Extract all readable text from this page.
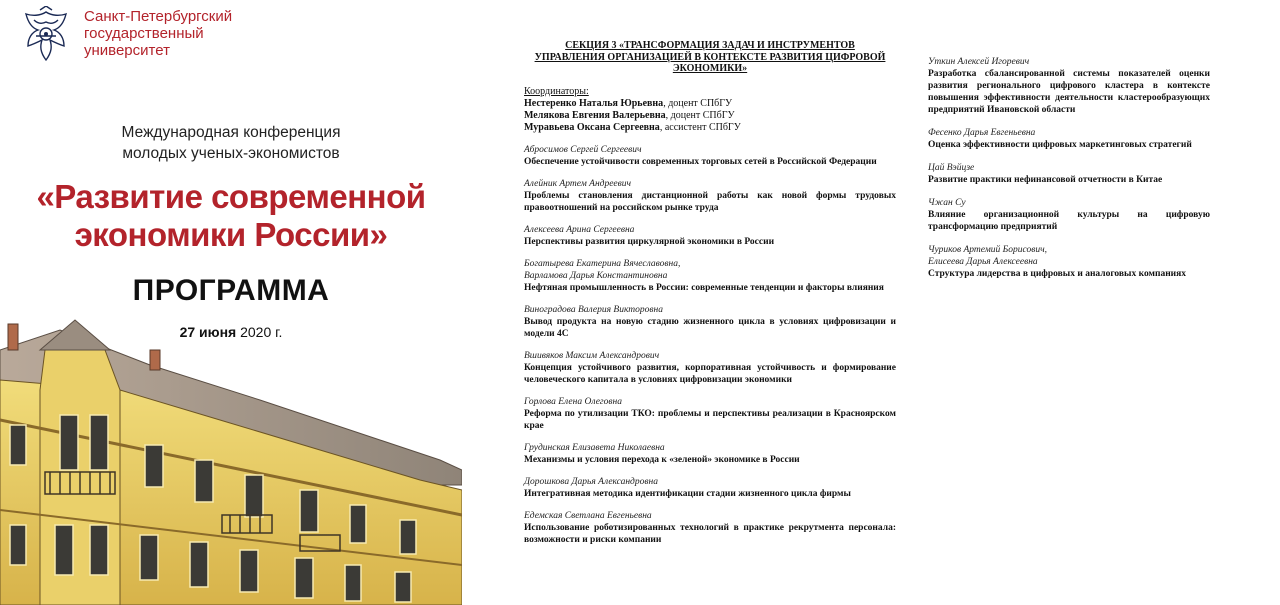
Санкт-Петербургский
государственный
университет
Международная конференция
молодых ученых-экономистов
«Развитие современной
экономики России»
ПРОГРАММА
27 июня 2020 г.
СЕКЦИЯ 3 «ТРАНСФОРМАЦИЯ ЗАДАЧ И ИНСТРУМЕНТОВ
УПРАВЛЕНИЯ ОРГАНИЗАЦИЕЙ В КОНТЕКСТЕ РАЗВИТИЯ ЦИФРОВОЙ
ЭКОНОМИКИ»
Координаторы:
Нестеренко Наталья Юрьевна, доцент СПбГУ
Мелякова Евгения Валерьевна, доцент СПбГУ
Муравьева Оксана Сергеевна, ассистент СПбГУ
Абросимов Сергей Сергеевич
Обеспечение устойчивости современных торговых сетей в Российской Федерации
Алейник Артем Андреевич
Проблемы становления дистанционной работы как новой формы трудовых правоотношений на российском рынке труда
Алексеева Арина Сергеевна
Перспективы развития циркулярной экономики в России
Богатырева Екатерина Вячеславовна,
Варламова Дарья Константиновна
Нефтяная промышленность в России: современные тенденции и факторы влияния
Виноградова Валерия Викторовна
Вывод продукта на новую стадию жизненного цикла в условиях цифровизации и модели 4С
Вшивяков Максим Александрович
Концепция устойчивого развития, корпоративная устойчивость и формирование человеческого капитала в условиях цифровизации экономики
Горлова Елена Олеговна
Реформа по утилизации ТКО: проблемы и перспективы реализации в Красноярском крае
Грудинская Елизавета Николаевна
Механизмы и условия перехода к «зеленой» экономике в России
Дорошкова Дарья Александровна
Интегративная методика идентификации стадии жизненного цикла фирмы
Едемская Светлана Евгеньевна
Использование роботизированных технологий в практике рекрутмента персонала: возможности и риски компании
Уткин Алексей Игоревич
Разработка сбалансированной системы показателей оценки развития регионального цифрового кластера в контексте повышения эффективности деятельности кластерообразующих предприятий Ивановской области
Фесенко Дарья Евгеньевна
Оценка эффективности цифровых маркетинговых стратегий
Цай Вэйцзе
Развитие практики нефинансовой отчетности в Китае
Чжан Су
Влияние организационной культуры на цифровую трансформацию предприятий
Чуриков Артемий Борисович,
Елисеева Дарья Алексеевна
Структура лидерства в цифровых и аналоговых компаниях
